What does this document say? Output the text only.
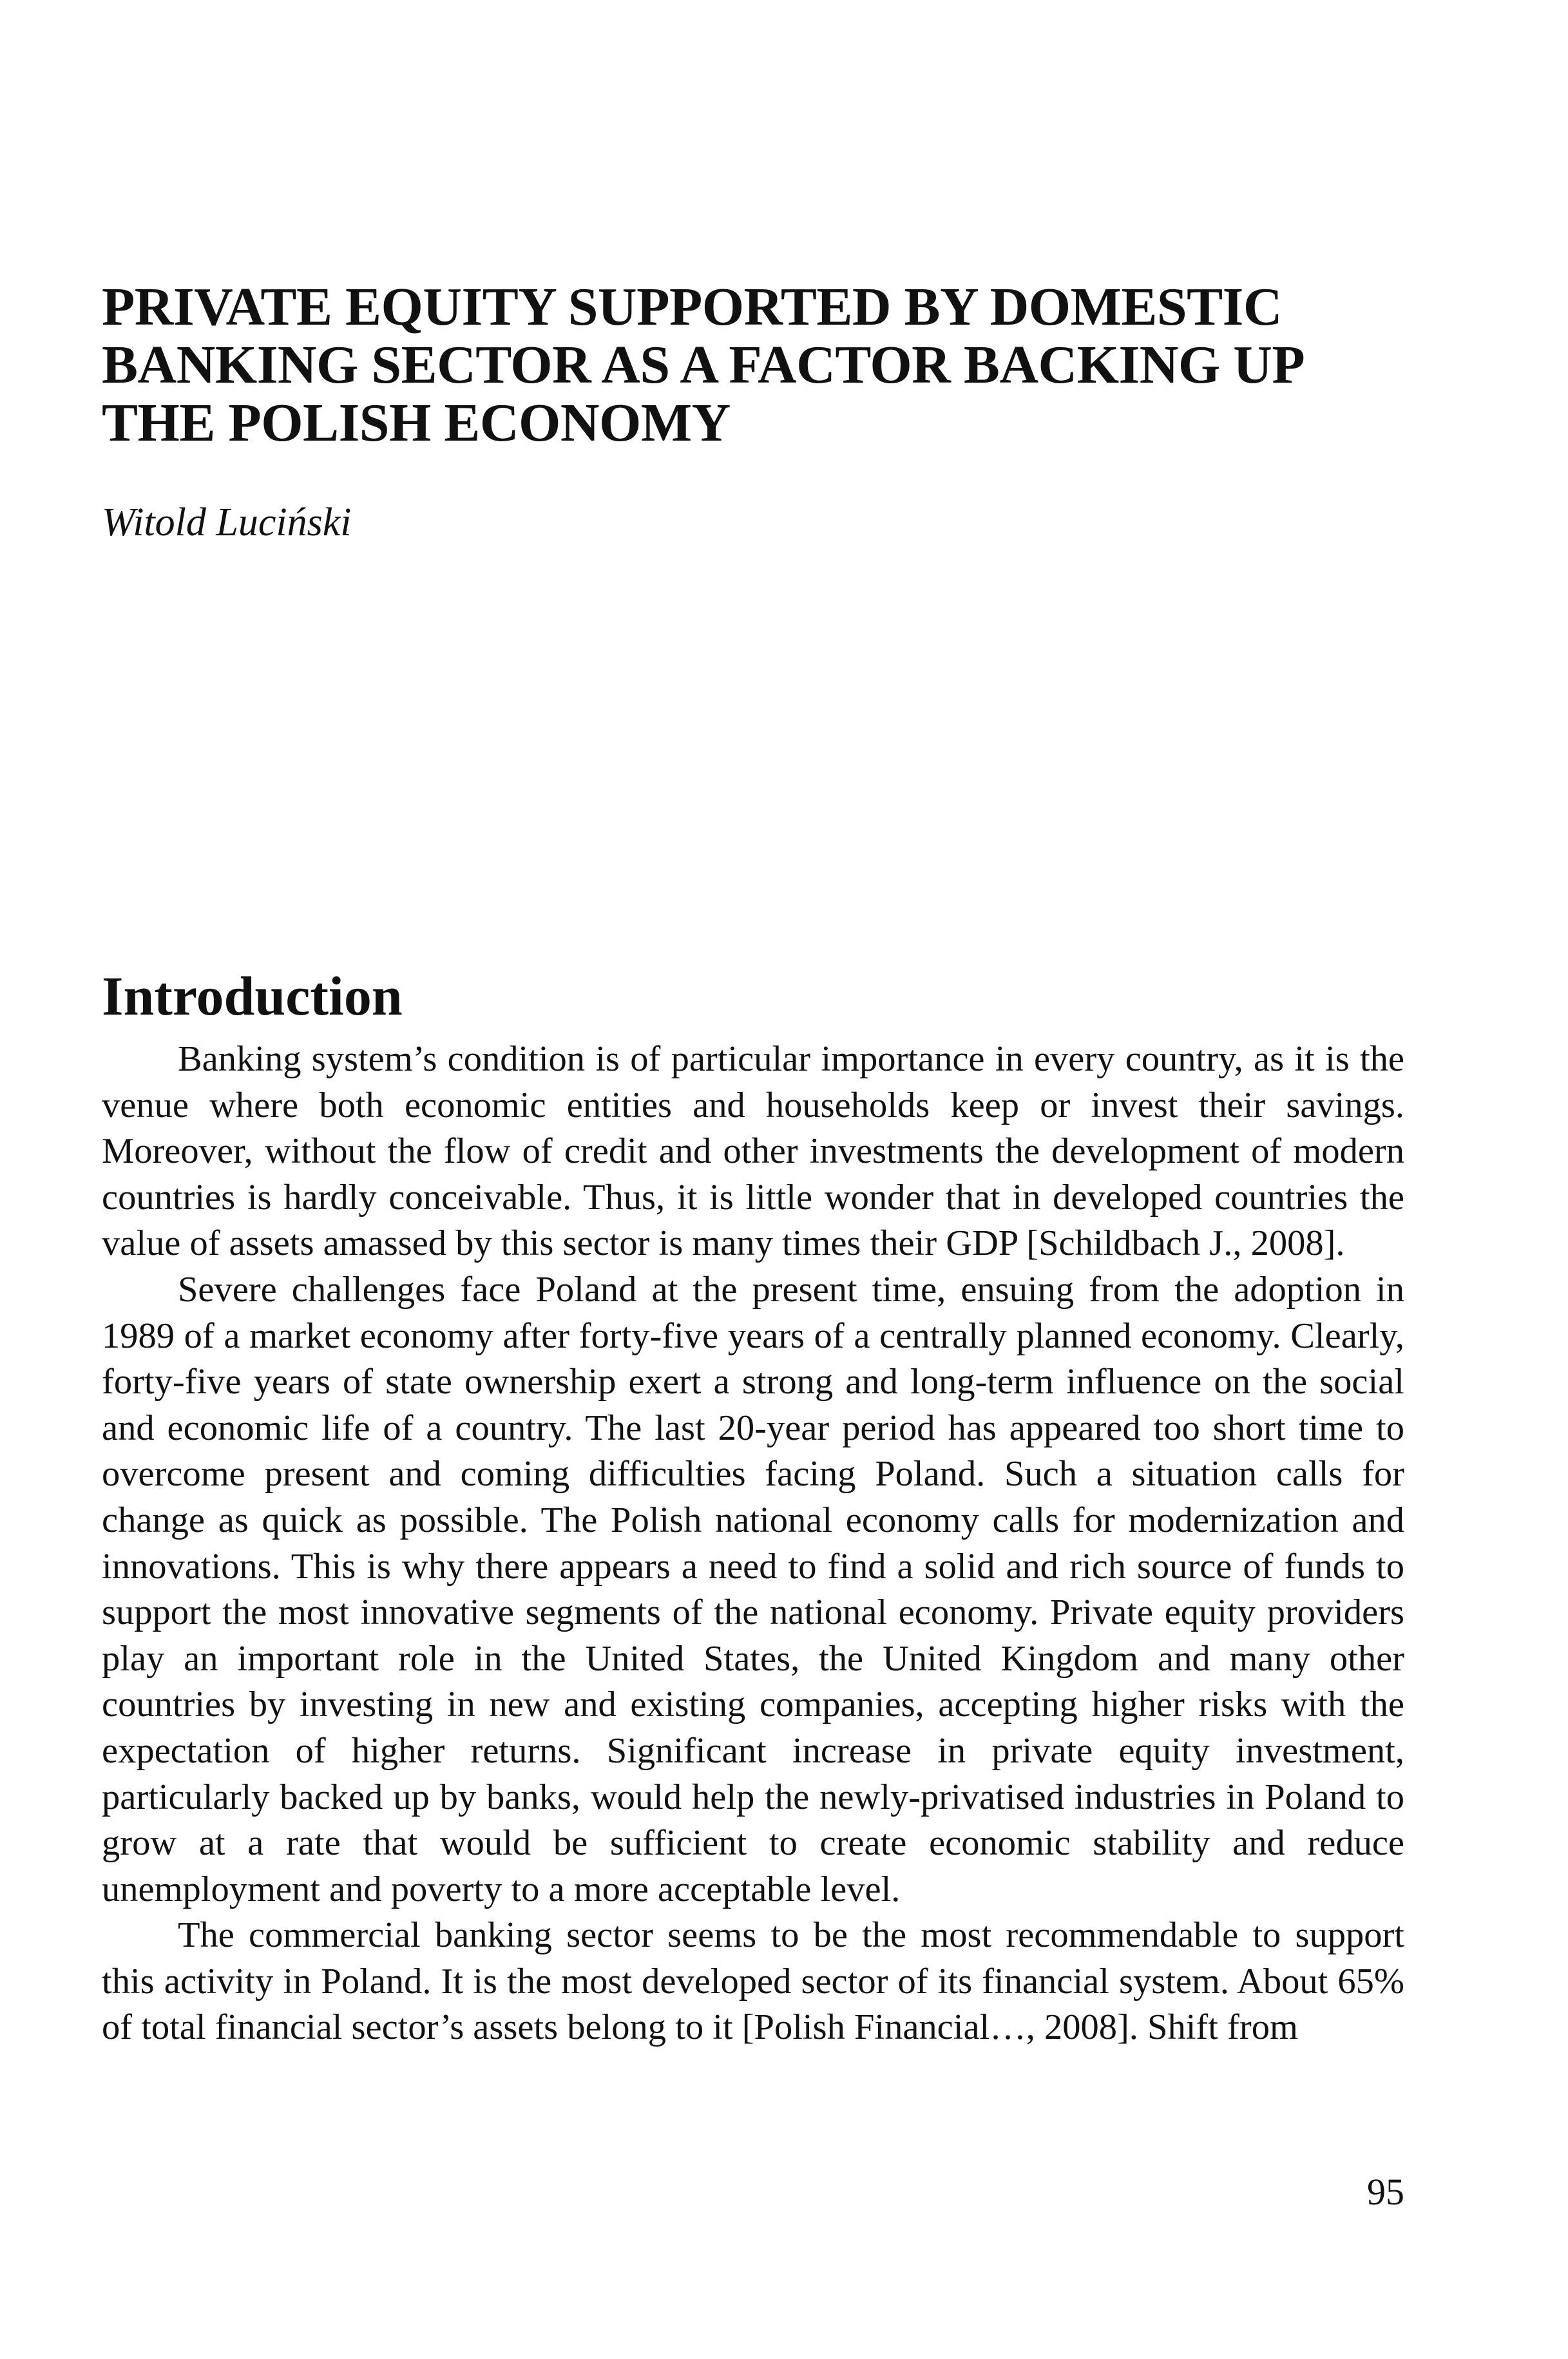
PRIVATE EQUITY SUPPORTED BY DOMESTIC
BANKING SECTOR AS A FACTOR BACKING UP
THE POLISH ECONOMY

Witold Luciński

Introduction

Banking system’s condition is of particular importance in every country, as it is the venue where both economic entities and households keep or invest their savings. Moreover, without the flow of credit and other investments the development of modern countries is hardly conceivable. Thus, it is little wonder that in developed countries the value of assets amassed by this sector is many times their GDP [Schildbach J., 2008].

Severe challenges face Poland at the present time, ensuing from the adoption in 1989 of a market economy after forty-five years of a centrally planned economy. Clearly, forty-five years of state ownership exert a strong and long-term influence on the social and economic life of a country. The last 20-year period has appeared too short time to overcome present and coming difficulties facing Poland. Such a situation calls for change as quick as possible. The Polish national economy calls for modernization and innovations. This is why there appears a need to find a solid and rich source of funds to support the most innovative segments of the national economy. Private equity providers play an important role in the United States, the United Kingdom and many other countries by investing in new and existing companies, accepting higher risks with the expectation of higher returns. Significant increase in private equity investment, particularly backed up by banks, would help the newly-privatised industries in Poland to grow at a rate that would be sufficient to create economic stability and reduce unemployment and poverty to a more acceptable level.

The commercial banking sector seems to be the most recommendable to support this activity in Poland. It is the most developed sector of its financial system. About 65% of total financial sector’s assets belong to it [Polish Financial…, 2008]. Shift from

95
